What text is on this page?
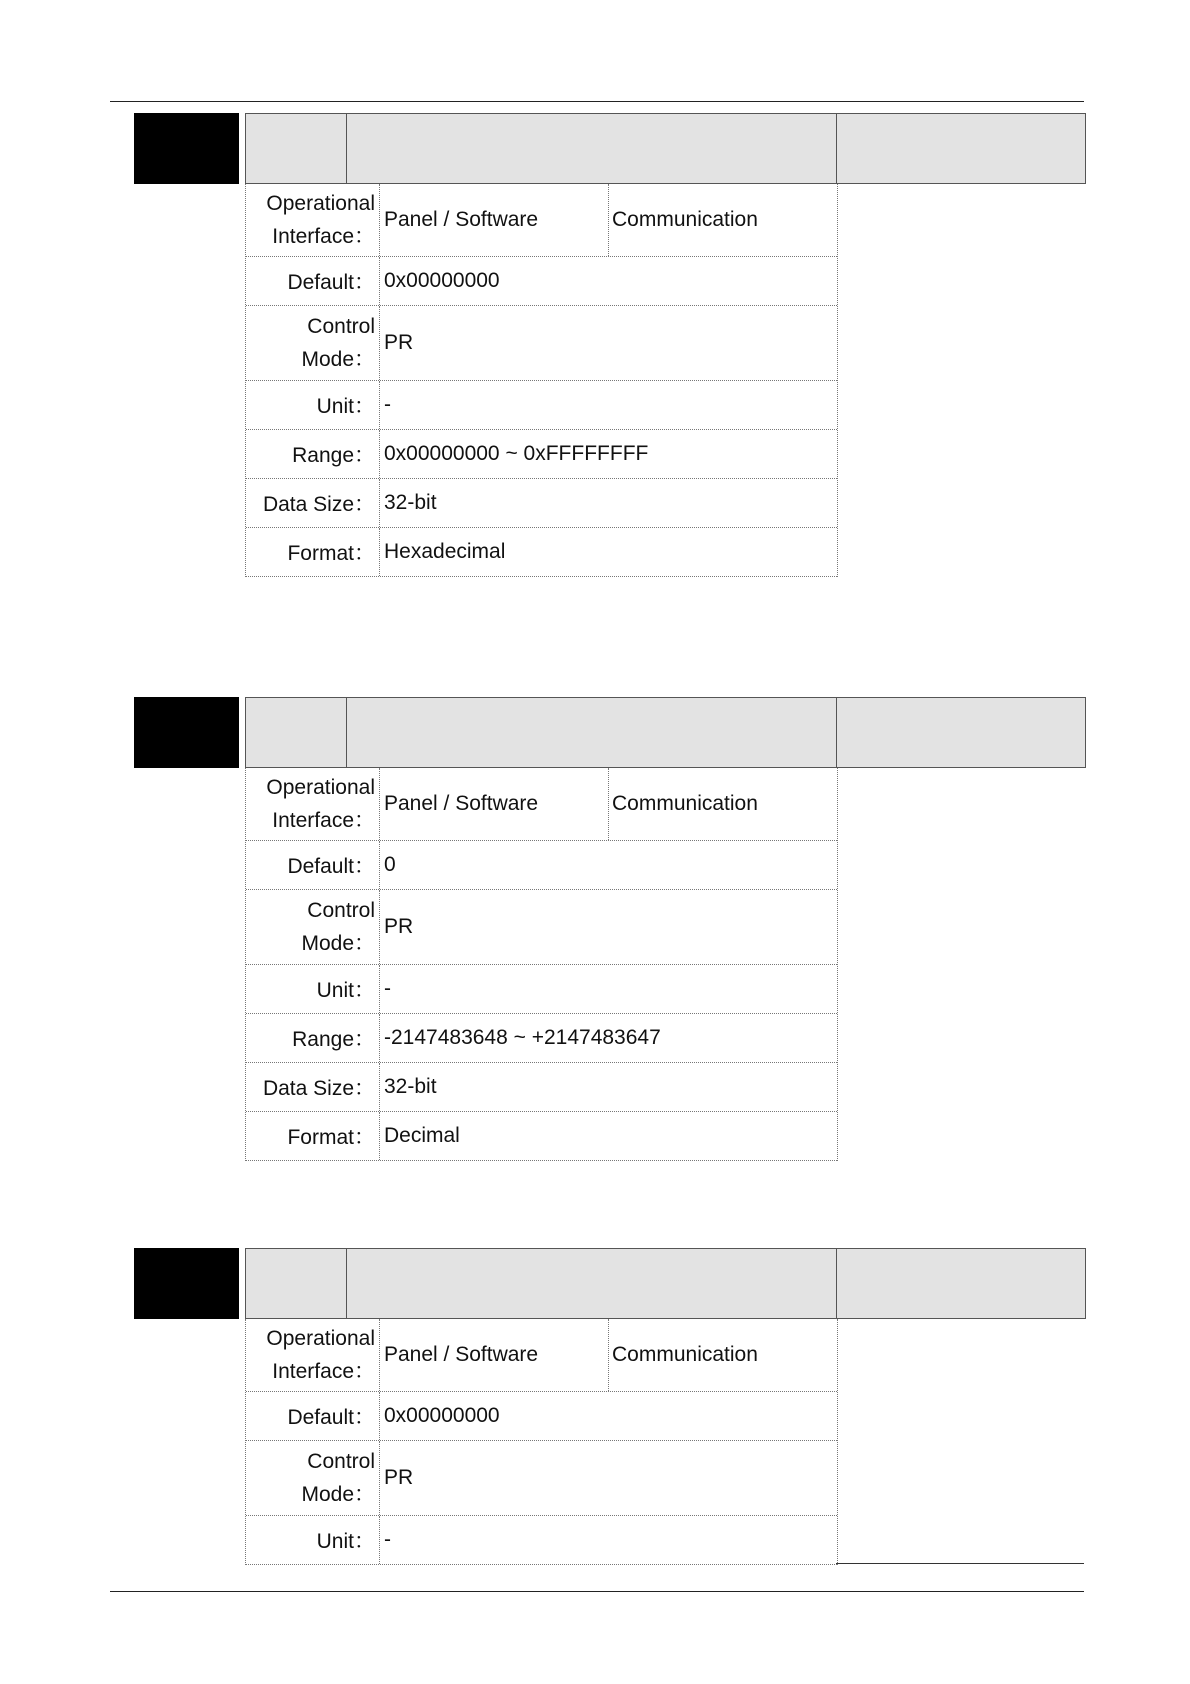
Operational
Interface：
Panel / Software	Communication
Default： 0x00000000
Control
Mode：
PR
Unit： -
Range： 0x00000000 ~ 0xFFFFFFFF
Data Size： 32-bit
Format： Hexadecimal
Operational
Interface：
Panel / Software	Communication
Default： 0
Control
Mode：
PR
Unit： -
Range： -2147483648 ~ +2147483647
Data Size： 32-bit
Format： Decimal
Operational
Interface：
Panel / Software	Communication
Default： 0x00000000
Control
Mode：
PR
Unit： -
